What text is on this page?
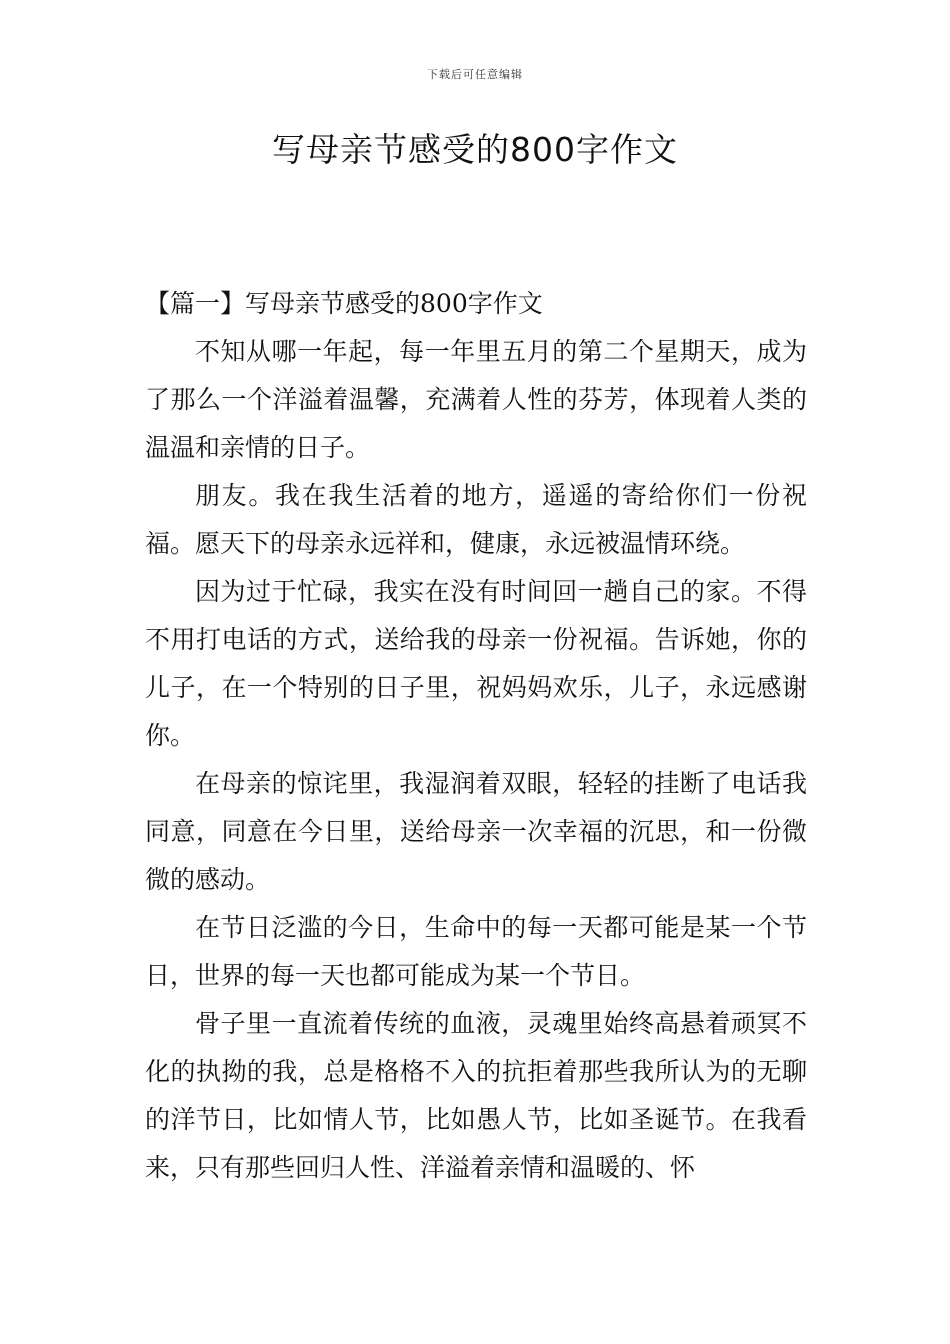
下载后可任意编辑
写母亲节感受的800字作文

【篇一】写母亲节感受的800字作文

不知从哪一年起，每一年里五月的第二个星期天，成为了那么一个洋溢着温馨，充满着人性的芬芳，体现着人类的温温和亲情的日子。

朋友。我在我生活着的地方，遥遥的寄给你们一份祝福。愿天下的母亲永远祥和，健康，永远被温情环绕。

因为过于忙碌，我实在没有时间回一趟自己的家。不得不用打电话的方式，送给我的母亲一份祝福。告诉她，你的儿子，在一个特别的日子里，祝妈妈欢乐，儿子，永远感谢你。

在母亲的惊诧里，我湿润着双眼，轻轻的挂断了电话我同意，同意在今日里，送给母亲一次幸福的沉思，和一份微微的感动。

在节日泛滥的今日，生命中的每一天都可能是某一个节日，世界的每一天也都可能成为某一个节日。

骨子里一直流着传统的血液，灵魂里始终高悬着顽冥不化的执拗的我，总是格格不入的抗拒着那些我所认为的无聊的洋节日，比如情人节，比如愚人节，比如圣诞节。在我看来，只有那些回归人性、洋溢着亲情和温暖的、怀
